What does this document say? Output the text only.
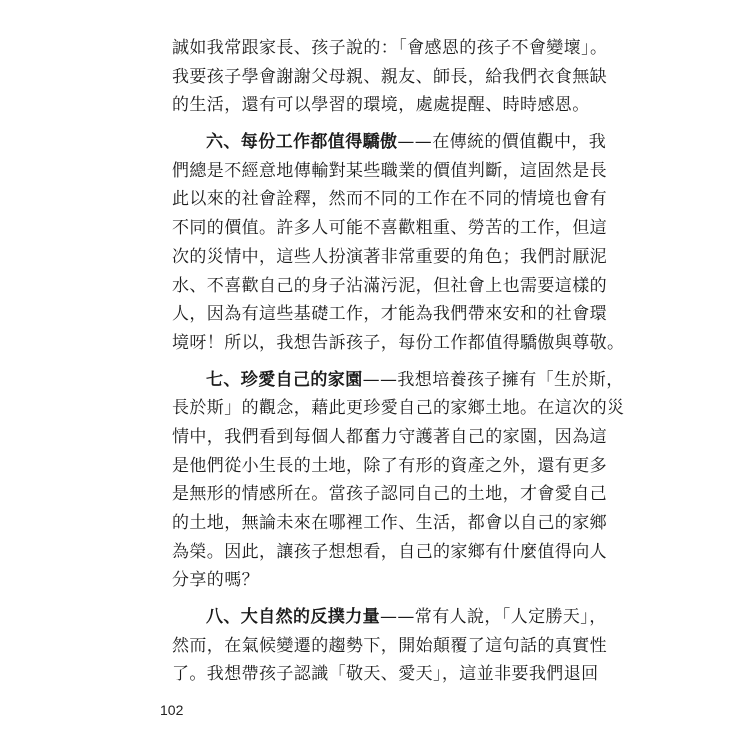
誠如我常跟家長、孩子說的：「會感恩的孩子不會變壞」。
我要孩子學會謝謝父母親、親友、師長，給我們衣食無缺
的生活，還有可以學習的環境，處處提醒、時時感恩。
六、每份工作都值得驕傲——在傳統的價值觀中，我
們總是不經意地傳輸對某些職業的價值判斷，這固然是長
此以來的社會詮釋，然而不同的工作在不同的情境也會有
不同的價值。許多人可能不喜歡粗重、勞苦的工作，但這
次的災情中，這些人扮演著非常重要的角色；我們討厭泥
水、不喜歡自己的身子沾滿污泥，但社會上也需要這樣的
人，因為有這些基礎工作，才能為我們帶來安和的社會環
境呀！所以，我想告訴孩子，每份工作都值得驕傲與尊敬。
七、珍愛自己的家園——我想培養孩子擁有「生於斯，
長於斯」的觀念，藉此更珍愛自己的家鄉土地。在這次的災
情中，我們看到每個人都奮力守護著自己的家園，因為這
是他們從小生長的土地，除了有形的資產之外，還有更多
是無形的情感所在。當孩子認同自己的土地，才會愛自己
的土地，無論未來在哪裡工作、生活，都會以自己的家鄉
為榮。因此，讓孩子想想看，自己的家鄉有什麼值得向人
分享的嗎？
八、大自然的反撲力量——常有人說，「人定勝天」，
然而，在氣候變遷的趨勢下，開始顛覆了這句話的真實性
了。我想帶孩子認識「敬天、愛天」，這並非要我們退回
102
